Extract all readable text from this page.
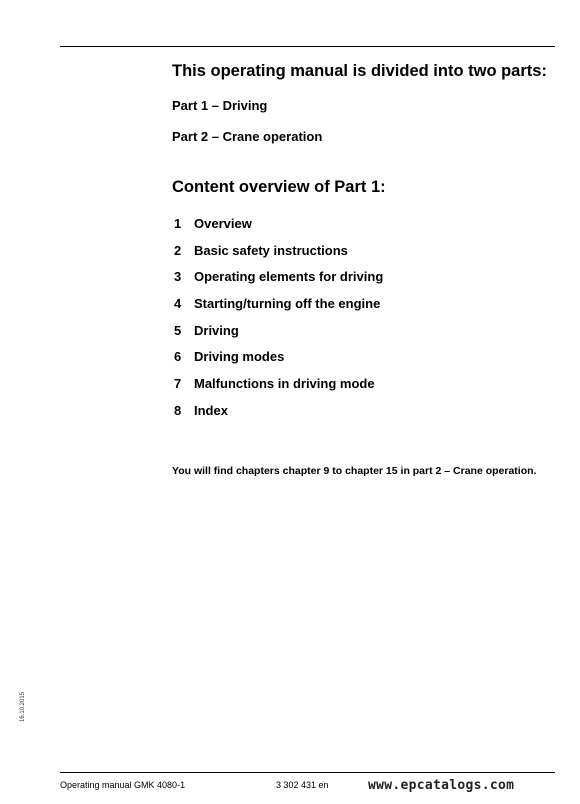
This operating manual is divided into two parts:

Part 1 – Driving

Part 2 – Crane operation

Content overview of Part 1:
1 Overview
2 Basic safety instructions
3 Operating elements for driving
4 Starting/turning off the engine
5 Driving
6 Driving modes
7 Malfunctions in driving mode
8 Index

You will find chapters chapter 9 to chapter 15 in part 2 – Crane operation.

16.10.2015
Operating manual GMK 4080-1	3 302 431 en	www.epcatalogs.com
